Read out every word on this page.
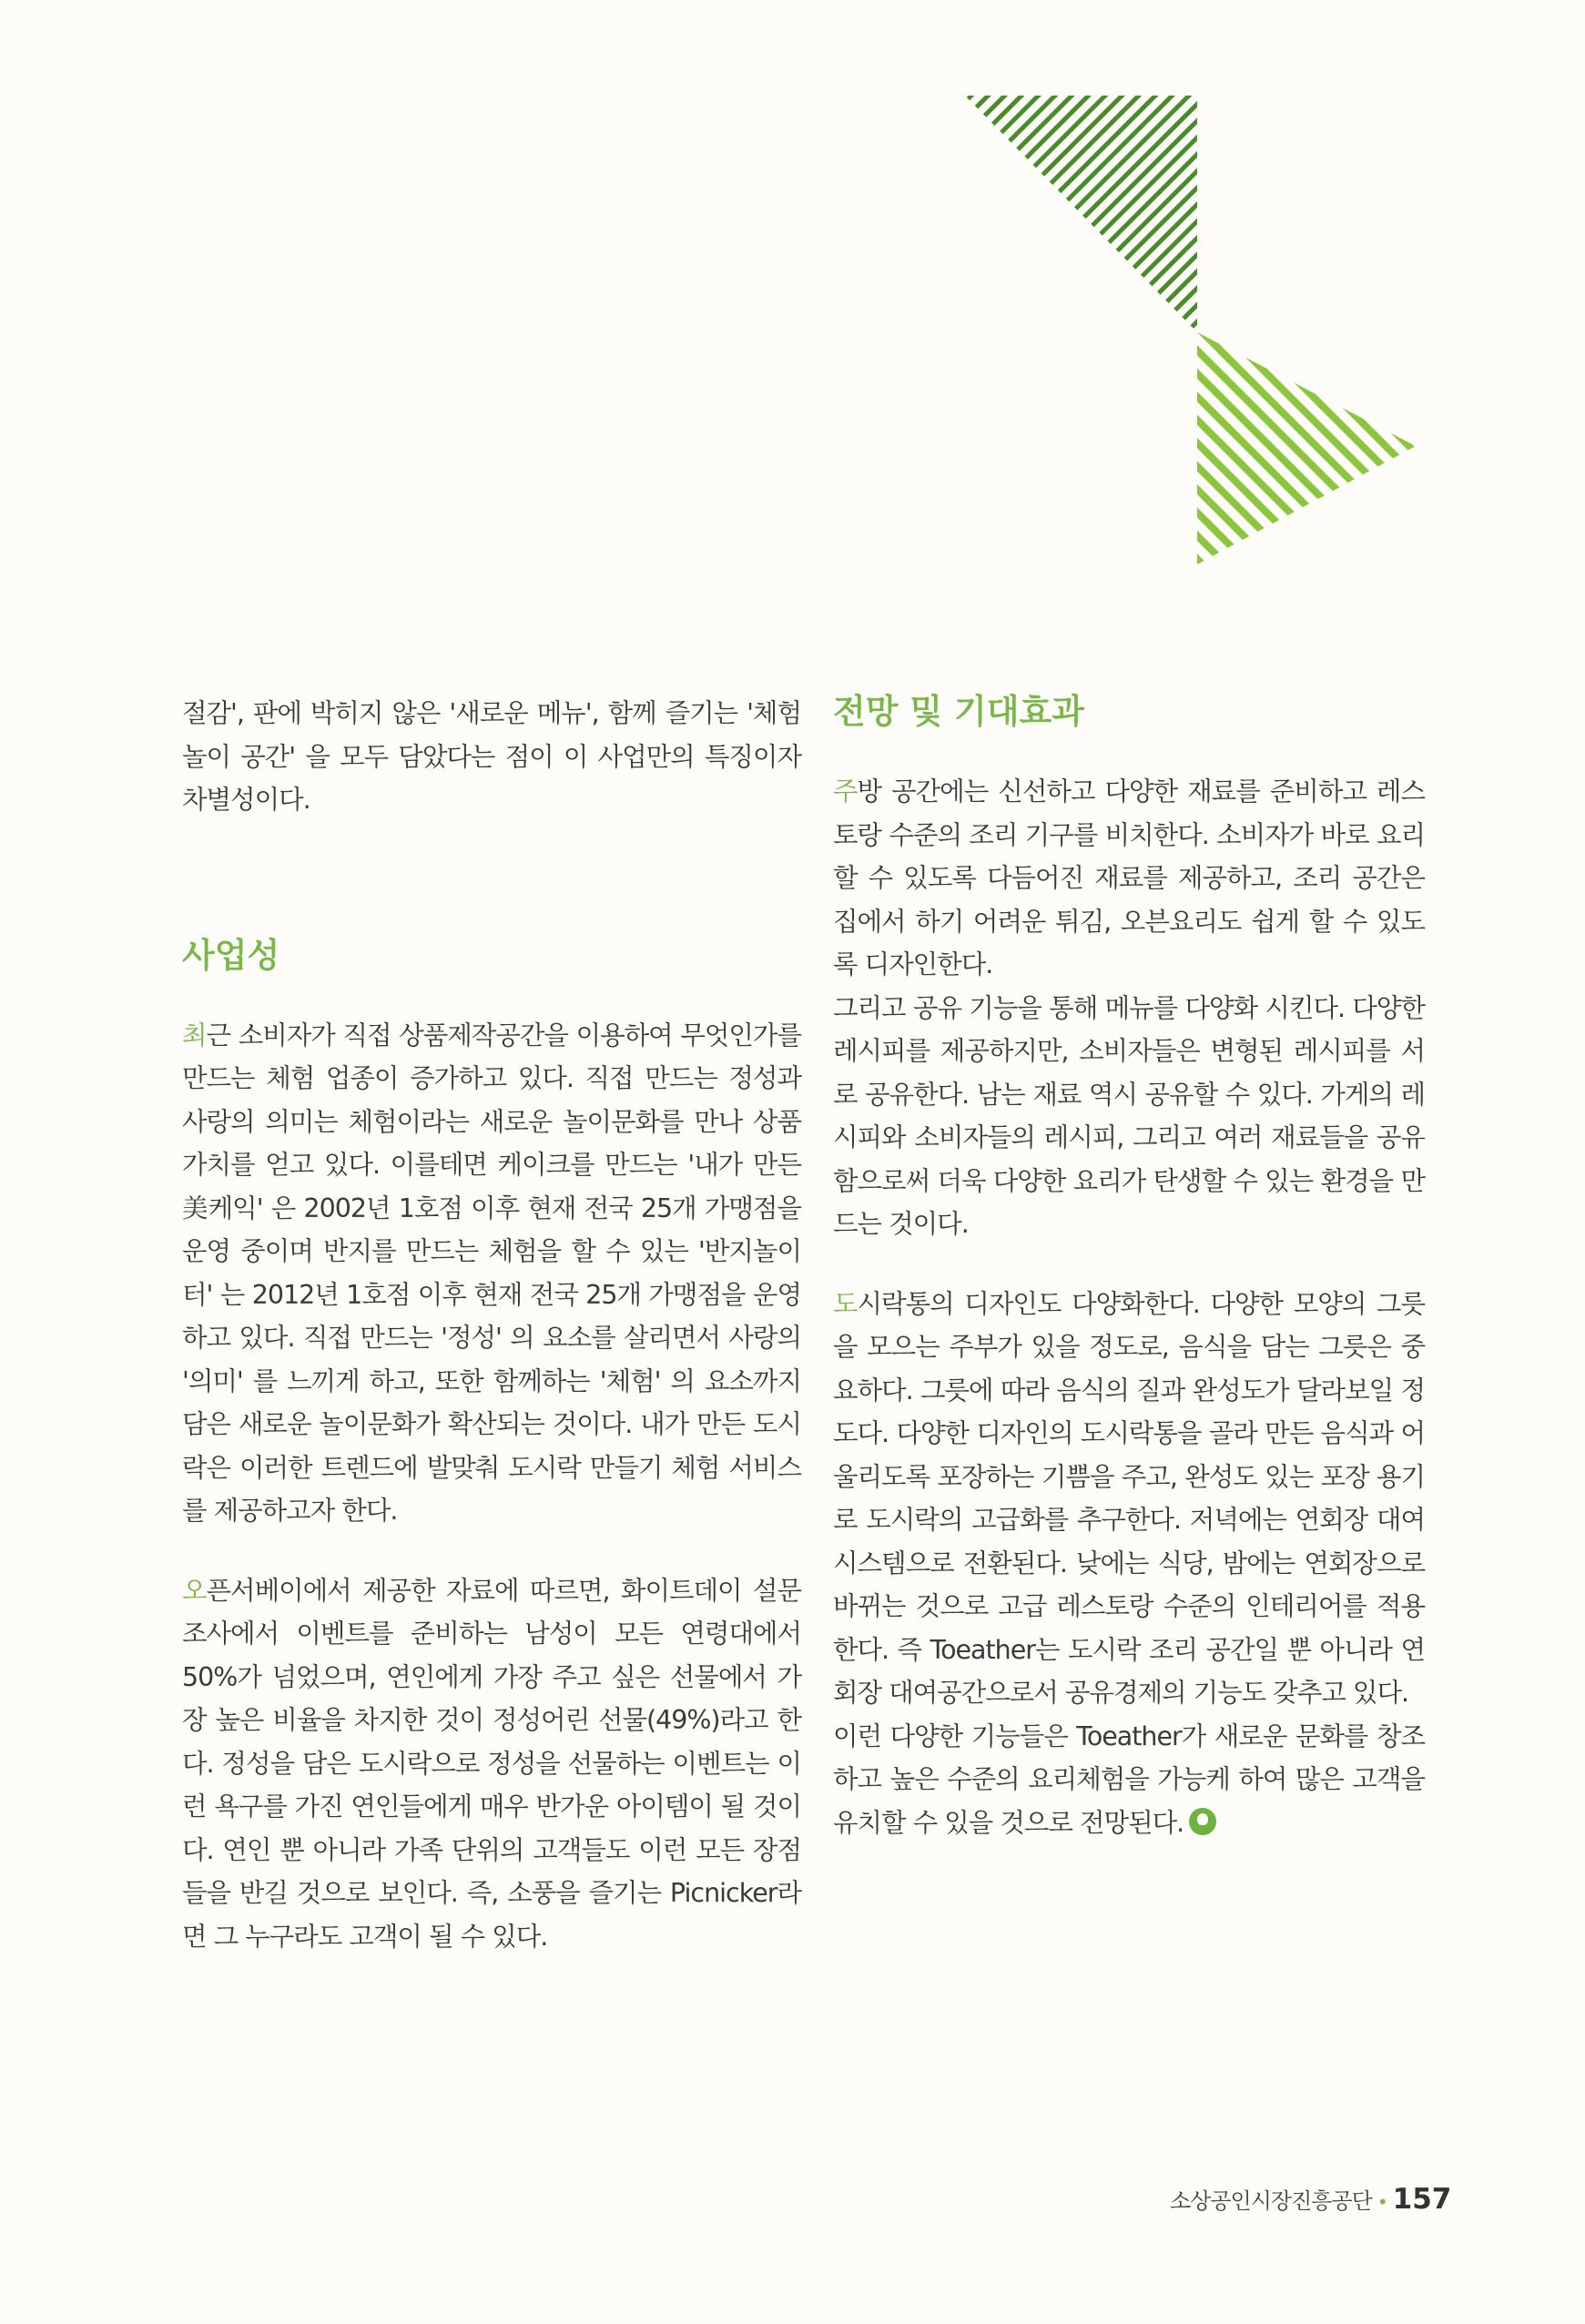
절감', 판에 박히지 않은 '새로운 메뉴', 함께 즐기는 '체험 놀이 공간' 을 모두 담았다는 점이 이 사업만의 특징이자 차별성이다.

사업성

최근 소비자가 직접 상품제작공간을 이용하여 무엇인가를 만드는 체험 업종이 증가하고 있다. 직접 만드는 정성과 사랑의 의미는 체험이라는 새로운 놀이문화를 만나 상품 가치를 얻고 있다. 이를테면 케이크를 만드는 '내가 만든 美케익' 은 2002년 1호점 이후 현재 전국 25개 가맹점을 운영 중이며 반지를 만드는 체험을 할 수 있는 '반지놀이터' 는 2012년 1호점 이후 현재 전국 25개 가맹점을 운영하고 있다. 직접 만드는 '정성' 의 요소를 살리면서 사랑의 '의미' 를 느끼게 하고, 또한 함께하는 '체험' 의 요소까지 담은 새로운 놀이문화가 확산되는 것이다. 내가 만든 도시락은 이러한 트렌드에 발맞춰 도시락 만들기 체험 서비스를 제공하고자 한다.

오픈서베이에서 제공한 자료에 따르면, 화이트데이 설문조사에서 이벤트를 준비하는 남성이 모든 연령대에서 50%가 넘었으며, 연인에게 가장 주고 싶은 선물에서 가장 높은 비율을 차지한 것이 정성어린 선물(49%)라고 한다. 정성을 담은 도시락으로 정성을 선물하는 이벤트는 이런 욕구를 가진 연인들에게 매우 반가운 아이템이 될 것이다. 연인 뿐 아니라 가족 단위의 고객들도 이런 모든 장점들을 반길 것으로 보인다. 즉, 소풍을 즐기는 Picnicker라면 그 누구라도 고객이 될 수 있다.

전망 및 기대효과

주방 공간에는 신선하고 다양한 재료를 준비하고 레스토랑 수준의 조리 기구를 비치한다. 소비자가 바로 요리할 수 있도록 다듬어진 재료를 제공하고, 조리 공간은 집에서 하기 어려운 튀김, 오븐요리도 쉽게 할 수 있도록 디자인한다.

그리고 공유 기능을 통해 메뉴를 다양화 시킨다. 다양한 레시피를 제공하지만, 소비자들은 변형된 레시피를 서로 공유한다. 남는 재료 역시 공유할 수 있다. 가게의 레시피와 소비자들의 레시피, 그리고 여러 재료들을 공유함으로써 더욱 다양한 요리가 탄생할 수 있는 환경을 만드는 것이다.

도시락통의 디자인도 다양화한다. 다양한 모양의 그릇을 모으는 주부가 있을 정도로, 음식을 담는 그릇은 중요하다. 그릇에 따라 음식의 질과 완성도가 달라보일 정도다. 다양한 디자인의 도시락통을 골라 만든 음식과 어울리도록 포장하는 기쁨을 주고, 완성도 있는 포장 용기로 도시락의 고급화를 추구한다. 저녁에는 연회장 대여 시스템으로 전환된다. 낮에는 식당, 밤에는 연회장으로 바뀌는 것으로 고급 레스토랑 수준의 인테리어를 적용한다. 즉 Toeather는 도시락 조리 공간일 뿐 아니라 연회장 대여공간으로서 공유경제의 기능도 갖추고 있다.

이런 다양한 기능들은 Toeather가 새로운 문화를 창조하고 높은 수준의 요리체험을 가능케 하여 많은 고객을 유치할 수 있을 것으로 전망된다.

소상공인시장진흥공단 • 157
